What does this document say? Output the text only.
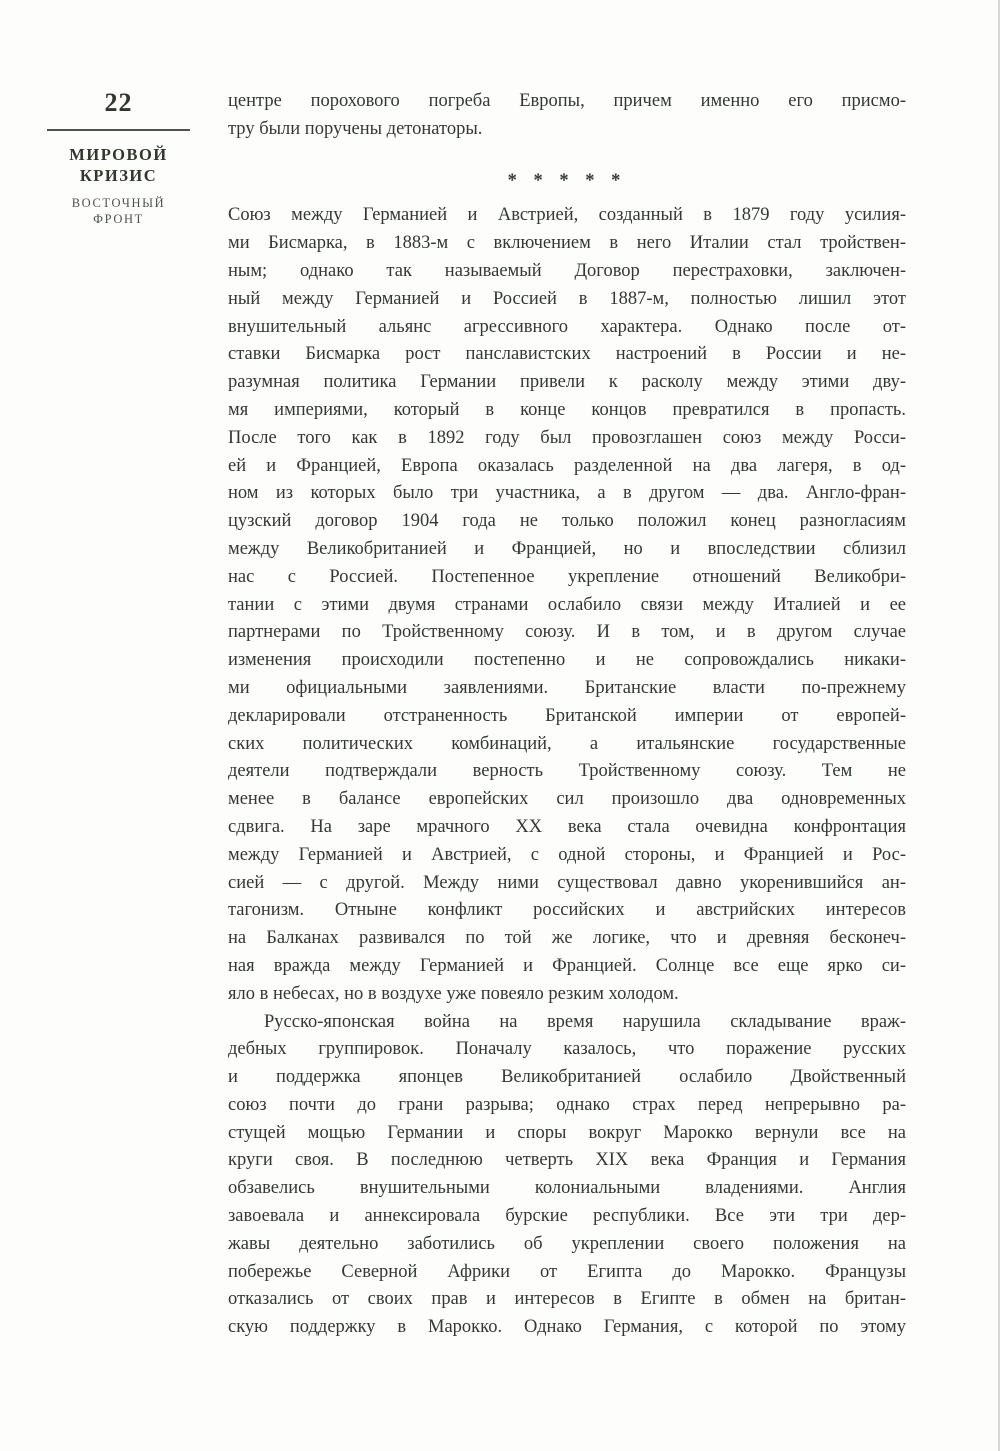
22
МИРОВОЙ
КРИЗИС
ВОСТОЧНЫЙ
ФРОНТ
центре порохового погреба Европы, причем именно его присмо-
тру были поручены детонаторы.
* * * * *
Союз между Германией и Австрией, созданный в 1879 году усилия-
ми Бисмарка, в 1883-м с включением в него Италии стал тройствен-
ным; однако так называемый Договор перестраховки, заключен-
ный между Германией и Россией в 1887-м, полностью лишил этот
внушительный альянс агрессивного характера. Однако после от-
ставки Бисмарка рост панславистских настроений в России и не-
разумная политика Германии привели к расколу между этими дву-
мя империями, который в конце концов превратился в пропасть.
После того как в 1892 году был провозглашен союз между Росси-
ей и Францией, Европа оказалась разделенной на два лагеря, в од-
ном из которых было три участника, а в другом — два. Англо-фран-
цузский договор 1904 года не только положил конец разногласиям
между Великобританией и Францией, но и впоследствии сблизил
нас с Россией. Постепенное укрепление отношений Великобри-
тании с этими двумя странами ослабило связи между Италией и ее
партнерами по Тройственному союзу. И в том, и в другом случае
изменения происходили постепенно и не сопровождались никаки-
ми официальными заявлениями. Британские власти по-прежнему
декларировали отстраненность Британской империи от европей-
ских политических комбинаций, а итальянские государственные
деятели подтверждали верность Тройственному союзу. Тем не
менее в балансе европейских сил произошло два одновременных
сдвига. На заре мрачного XX века стала очевидна конфронтация
между Германией и Австрией, с одной стороны, и Францией и Рос-
сией — с другой. Между ними существовал давно укоренившийся ан-
тагонизм. Отныне конфликт российских и австрийских интересов
на Балканах развивался по той же логике, что и древняя бесконеч-
ная вражда между Германией и Францией. Солнце все еще ярко си-
яло в небесах, но в воздухе уже повеяло резким холодом.
Русско-японская война на время нарушила складывание враж-
дебных группировок. Поначалу казалось, что поражение русских
и поддержка японцев Великобританией ослабило Двойственный
союз почти до грани разрыва; однако страх перед непрерывно ра-
стущей мощью Германии и споры вокруг Марокко вернули все на
круги своя. В последнюю четверть XIX века Франция и Германия
обзавелись внушительными колониальными владениями. Англия
завоевала и аннексировала бурские республики. Все эти три дер-
жавы деятельно заботились об укреплении своего положения на
побережье Северной Африки от Египта до Марокко. Французы
отказались от своих прав и интересов в Египте в обмен на британ-
скую поддержку в Марокко. Однако Германия, с которой по этому
